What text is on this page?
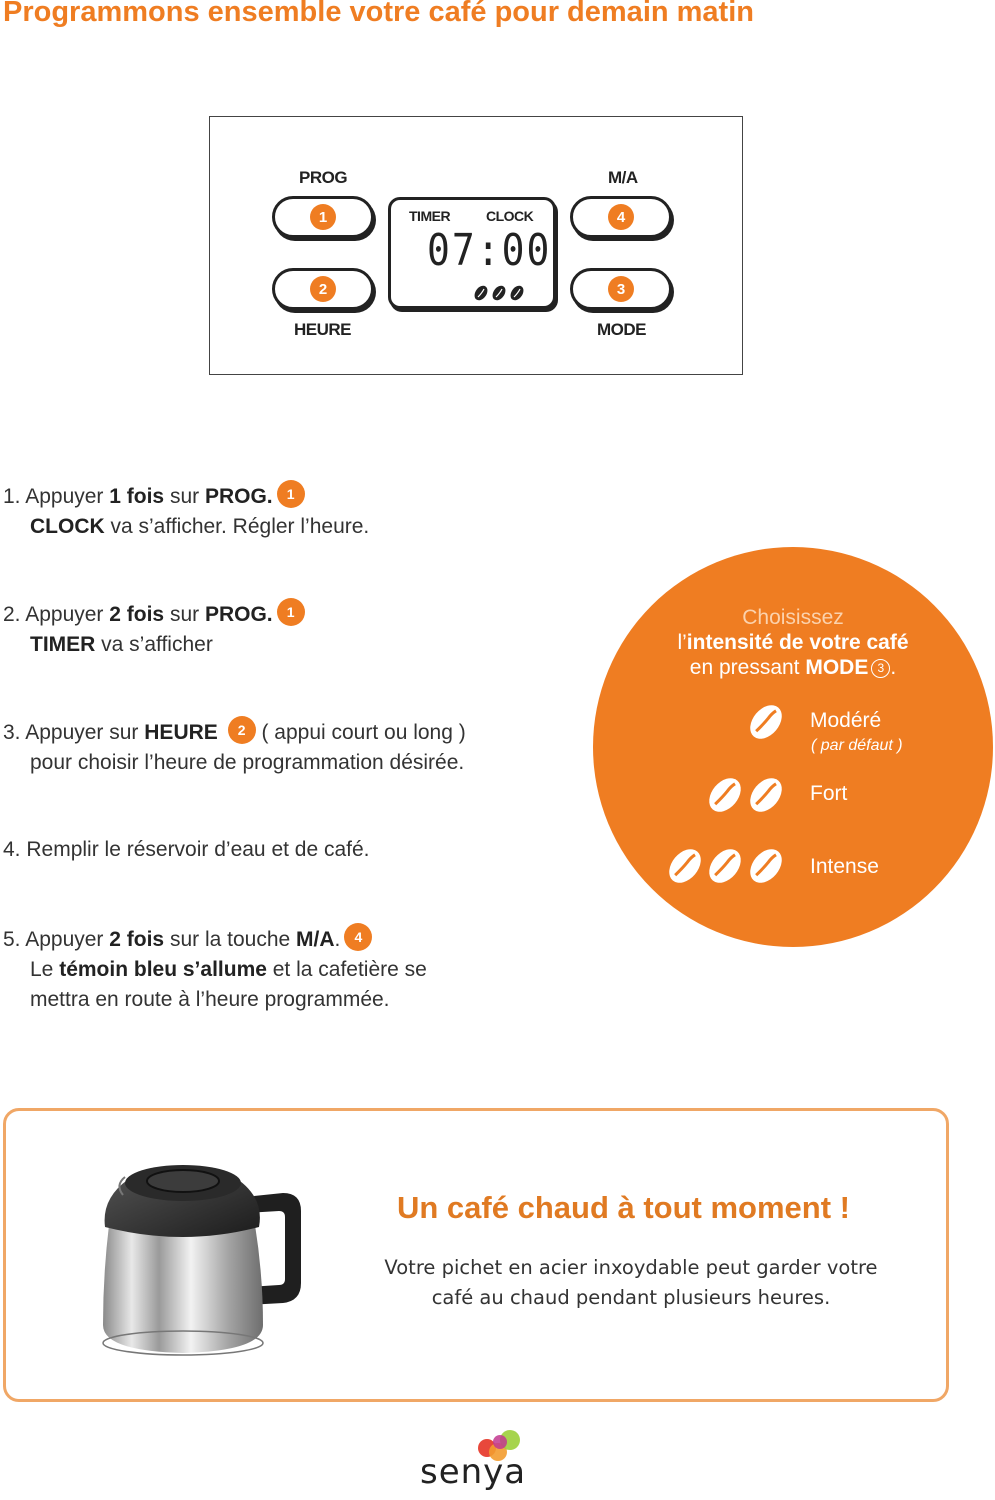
Programmons ensemble votre café pour demain matin
PROG	M/A
HEURE	MODE
1
2
4
3
TIMER	CLOCK
07:00
1. Appuyer 1 fois sur PROG. 1
CLOCK va s’afficher. Régler l’heure.
2. Appuyer 2 fois sur PROG. 1
TIMER va s’afficher
3. Appuyer sur HEURE 2 ( appui court ou long )
pour choisir l’heure de programmation désirée.
4. Remplir le réservoir d’eau et de café.
5. Appuyer 2 fois sur la touche M/A. 4
Le témoin bleu s’allume et la cafetière se
mettra en route à l’heure programmée.
Choisissez
l’intensité de votre café
en pressant MODE 3 .
Modéré
( par défaut )
Fort
Intense
Un café chaud à tout moment !
Votre pichet en acier inxoydable peut garder votre
café au chaud pendant plusieurs heures.
senya
